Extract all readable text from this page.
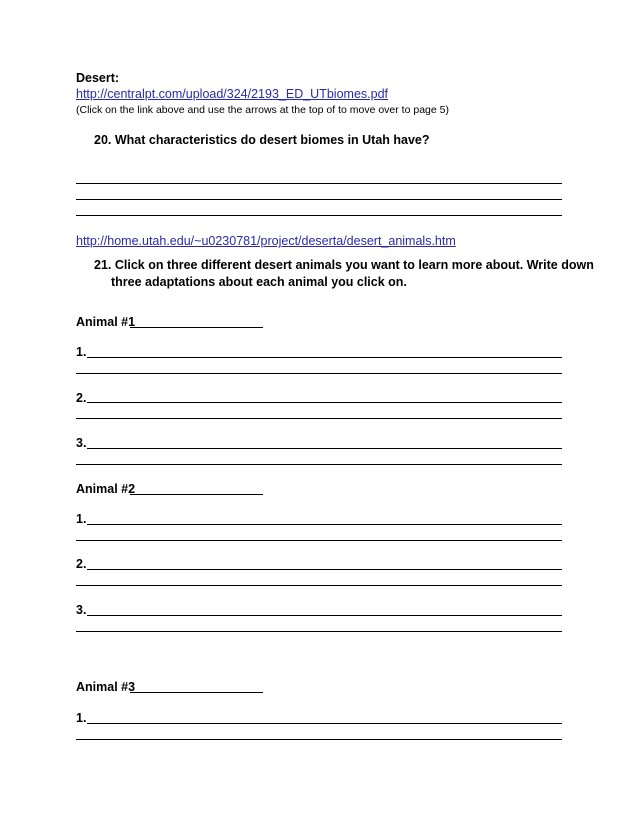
Desert:
http://centralpt.com/upload/324/2193_ED_UTbiomes.pdf
(Click on the link above and use the arrows at the top of to move over to page 5)
20. What characteristics do desert biomes in Utah have?
http://home.utah.edu/~u0230781/project/deserta/desert_animals.htm
21. Click on three different desert animals you want to learn more about. Write down
three adaptations about each animal you click on.
Animal #1
1.
2.
3.
Animal #2
1.
2.
3.
Animal #3
1.
